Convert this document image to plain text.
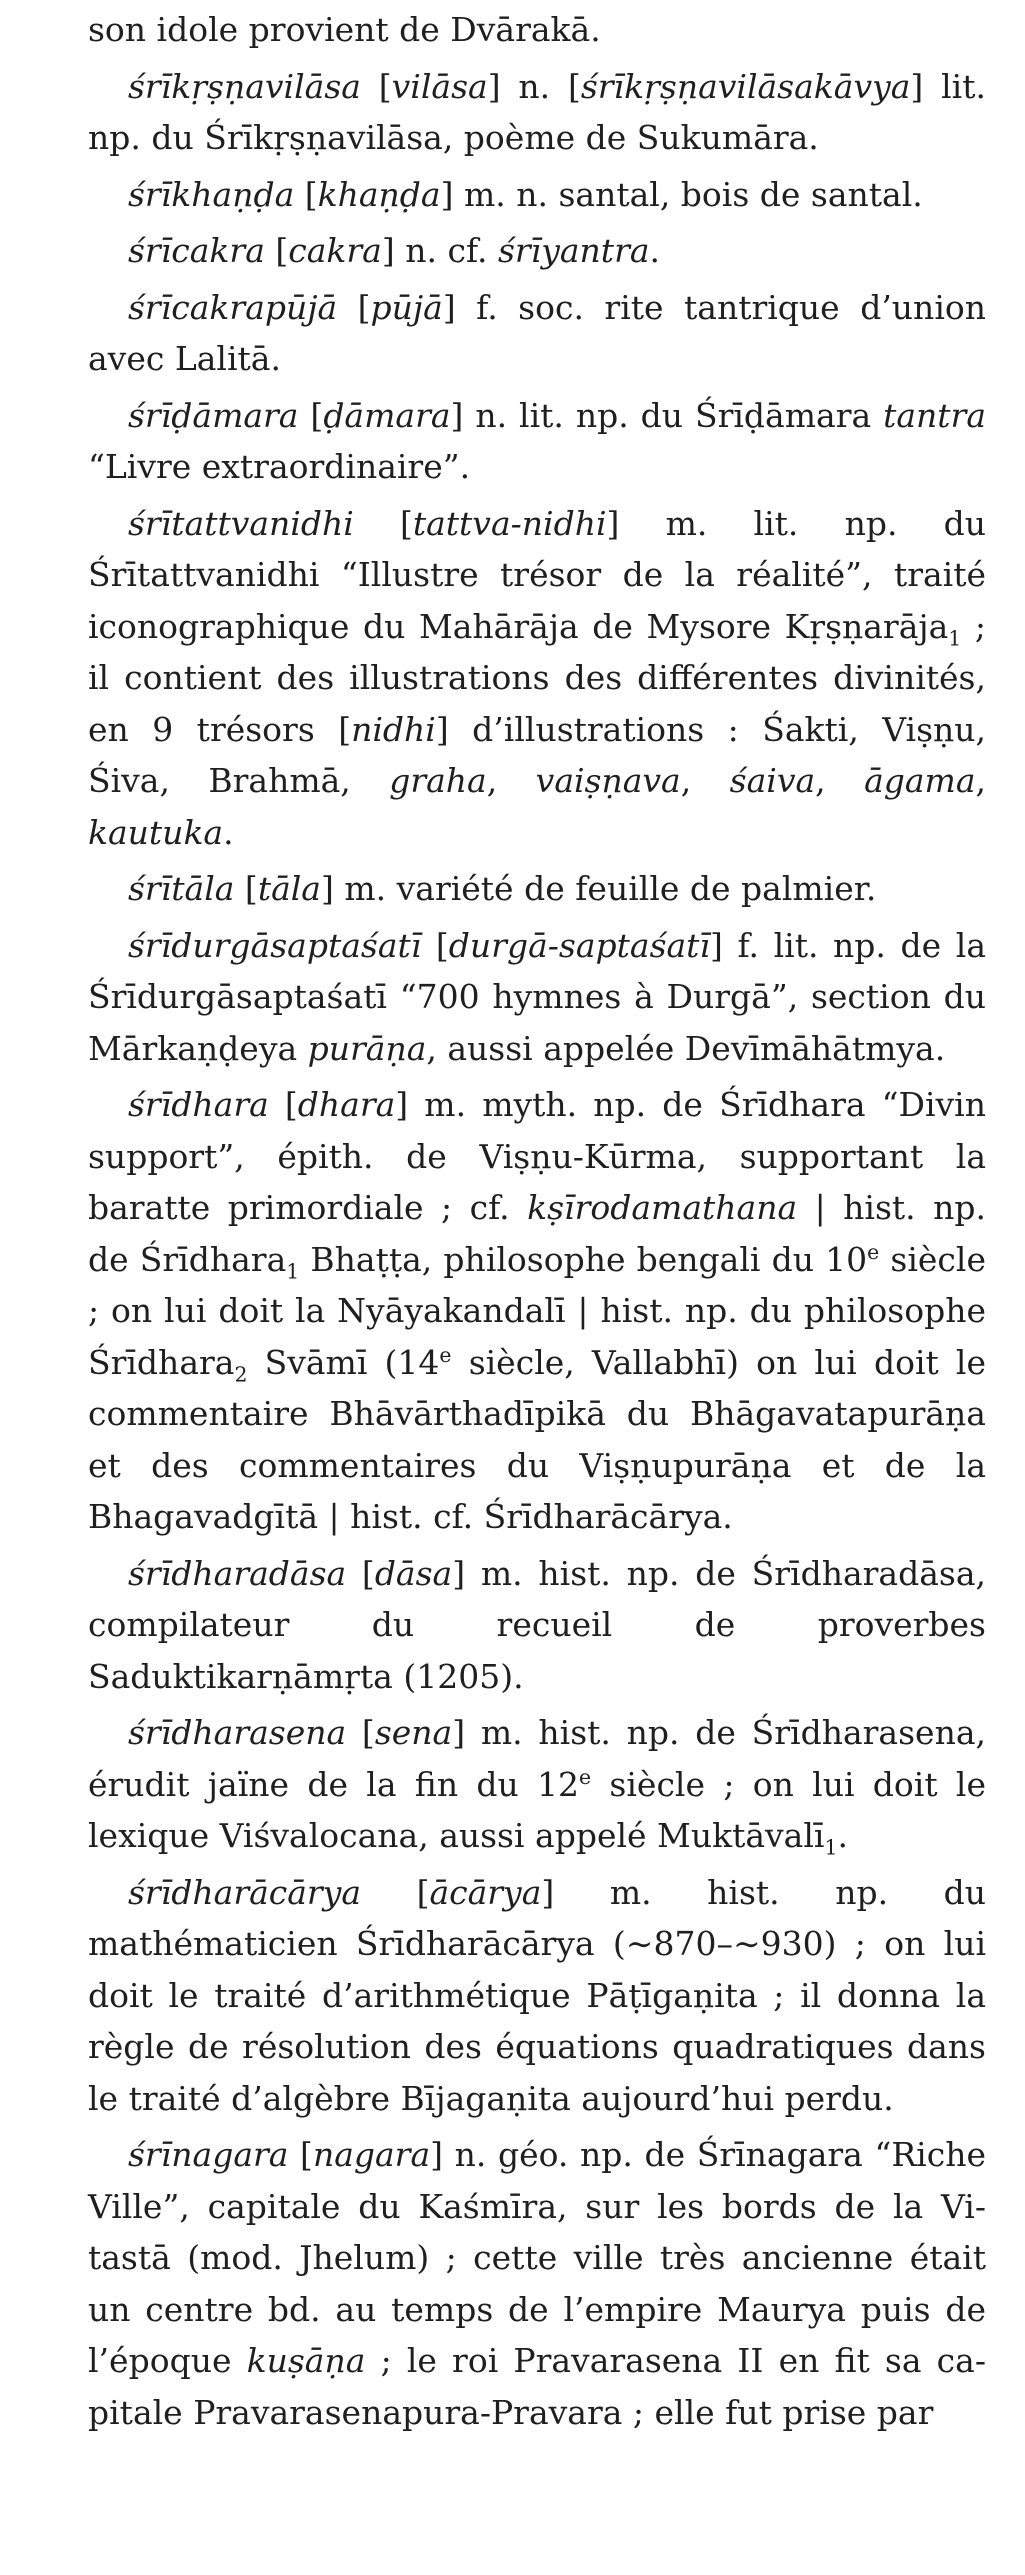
son idole provient de Dvārakā.

śrīkṛṣṇavilāsa [vilāsa] n. [śrīkṛṣṇavilāsakāvya] lit. np. du Śrīkṛṣṇavilāsa, poème de Sukumāra.

śrīkhaṇḍa [khaṇḍa] m. n. santal, bois de santal.

śrīcakra [cakra] n. cf. śrīyantra.

śrīcakrapūjā [pūjā] f. soc. rite tantrique d’union avec Lalitā.

śrīḍāmara [ḍāmara] n. lit. np. du Śrīḍāmara tantra “Livre extraordinaire”.

śrītattvanidhi [tattva-nidhi] m. lit. np. du Śrītattvanidhi “Illustre trésor de la réalité”, traité iconographique du Mahārāja de Mysore Kṛṣṇarāja$_1$ ; il contient des illustrations des différentes divinités, en 9 trésors [nidhi] d’illustrations : Śakti, Viṣṇu, Śiva, Brahmā, graha, vaiṣṇava, śaiva, āgama, kautuka.

śrītāla [tāla] m. variété de feuille de palmier.

śrīdurgāsaptaśatī [durgā-saptaśatī] f. lit. np. de la Śrīdurgāsaptaśatī “700 hymnes à Durgā”, section du Mārkaṇḍeya purāṇa, aussi appelée Devīmāhātmya.

śrīdhara [dhara] m. myth. np. de Śrīdhara “Divin support”, épith. de Viṣṇu-Kūrma, supportant la baratte primordiale ; cf. kṣīrodamathana | hist. np. de Śrīdhara$_1$ Bhaṭṭa, philosophe bengali du 10e siècle ; on lui doit la Nyāyakandalī | hist. np. du philosophe Śrīdhara$_2$ Svāmī (14e siècle, Vallabhī) on lui doit le commentaire Bhāvārthadīpikā du Bhāgavatapurāṇa et des commentaires du Viṣṇupurāṇa et de la Bhagavadgītā | hist. cf. Śrīdharācārya.

śrīdharadāsa [dāsa] m. hist. np. de Śrīdharadāsa, compilateur du recueil de proverbes Saduktikarṇāmṛta (1205).

śrīdharasena [sena] m. hist. np. de Śrīdharasena, érudit jaïne de la fin du 12e siècle ; on lui doit le lexique Viśvalocana, aussi appelé Muktāvalī$_1$.

śrīdharācārya [ācārya] m. hist. np. du mathématicien Śrīdharācārya (∼870–∼930) ; on lui doit le traité d’arithmétique Pāṭīgaṇita ; il donna la règle de résolution des équations quadratiques dans le traité d’algèbre Bījagaṇita aujourd’hui perdu.

śrīnagara [nagara] n. géo. np. de Śrīnagara “Riche Ville”, capitale du Kaśmīra, sur les bords de la Vitastā (mod. Jhelum) ; cette ville très ancienne était un centre bd. au temps de l’empire Maurya puis de l’époque kuṣāṇa ; le roi Pravarasena II en fit sa capitale Pravarasenapura-Pravara ; elle fut prise par
